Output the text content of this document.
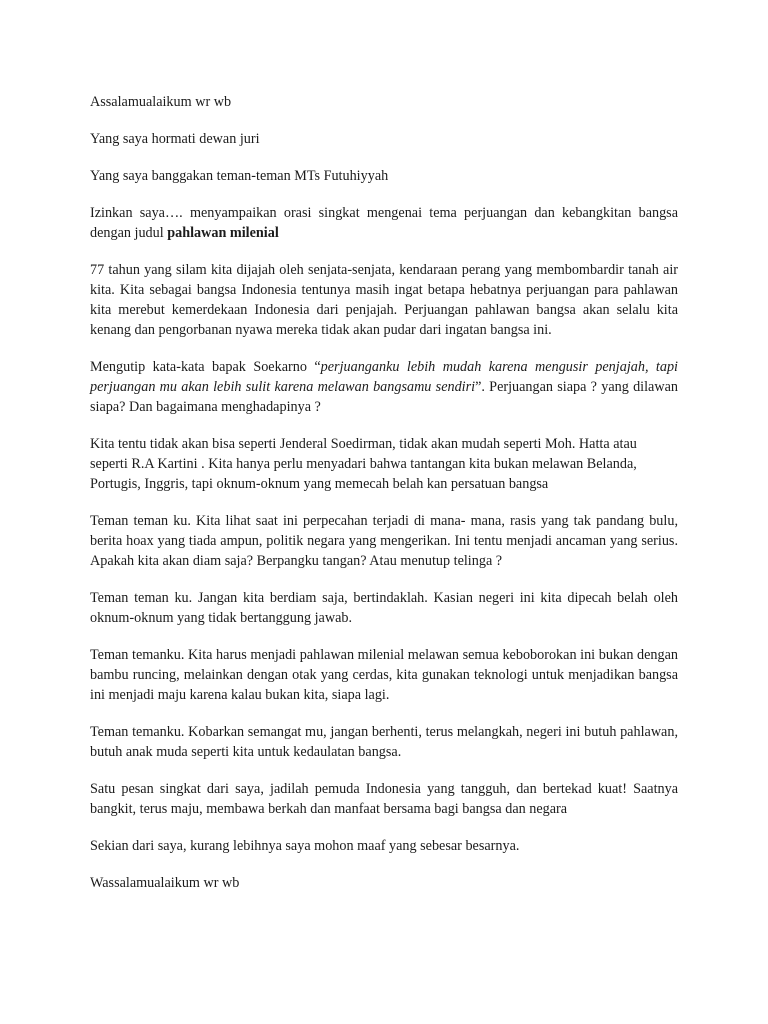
Assalamualaikum wr wb

Yang saya hormati dewan juri

Yang saya banggakan teman-teman MTs Futuhiyyah

Izinkan saya…. menyampaikan orasi singkat mengenai tema perjuangan dan kebangkitan bangsa dengan judul pahlawan milenial

77 tahun yang silam kita dijajah oleh senjata-senjata, kendaraan perang yang membombardir tanah air kita. Kita sebagai bangsa Indonesia tentunya masih ingat betapa hebatnya perjuangan para pahlawan kita merebut kemerdekaan Indonesia dari penjajah. Perjuangan pahlawan bangsa akan selalu kita kenang dan pengorbanan nyawa mereka tidak akan pudar dari ingatan bangsa ini.

Mengutip kata-kata bapak Soekarno “perjuanganku lebih mudah karena mengusir penjajah, tapi perjuangan mu akan lebih sulit karena melawan bangsamu sendiri”. Perjuangan siapa ? yang dilawan siapa? Dan bagaimana menghadapinya ?

Kita tentu tidak akan bisa seperti Jenderal Soedirman, tidak akan mudah seperti Moh. Hatta atau seperti R.A Kartini . Kita hanya perlu menyadari bahwa tantangan kita bukan melawan Belanda, Portugis, Inggris, tapi oknum-oknum yang memecah belah kan persatuan bangsa

Teman teman ku. Kita lihat saat ini perpecahan terjadi di mana- mana, rasis yang tak pandang bulu, berita hoax yang tiada ampun, politik negara yang mengerikan. Ini tentu menjadi ancaman yang serius. Apakah kita akan diam saja? Berpangku tangan? Atau menutup telinga ?

Teman teman ku. Jangan kita berdiam saja, bertindaklah. Kasian negeri ini kita dipecah belah oleh oknum-oknum yang tidak bertanggung jawab.

Teman temanku. Kita harus menjadi pahlawan milenial melawan semua keboborokan ini bukan dengan bambu runcing, melainkan dengan otak yang cerdas, kita gunakan teknologi untuk menjadikan bangsa ini menjadi maju karena kalau bukan kita, siapa lagi.

Teman temanku. Kobarkan semangat mu, jangan berhenti, terus melangkah, negeri ini butuh pahlawan, butuh anak muda seperti kita untuk kedaulatan bangsa.

Satu pesan singkat dari saya, jadilah pemuda Indonesia yang tangguh, dan bertekad kuat! Saatnya bangkit, terus maju, membawa berkah dan manfaat bersama bagi bangsa dan negara

Sekian dari saya, kurang lebihnya saya mohon maaf yang sebesar besarnya.

Wassalamualaikum wr wb
